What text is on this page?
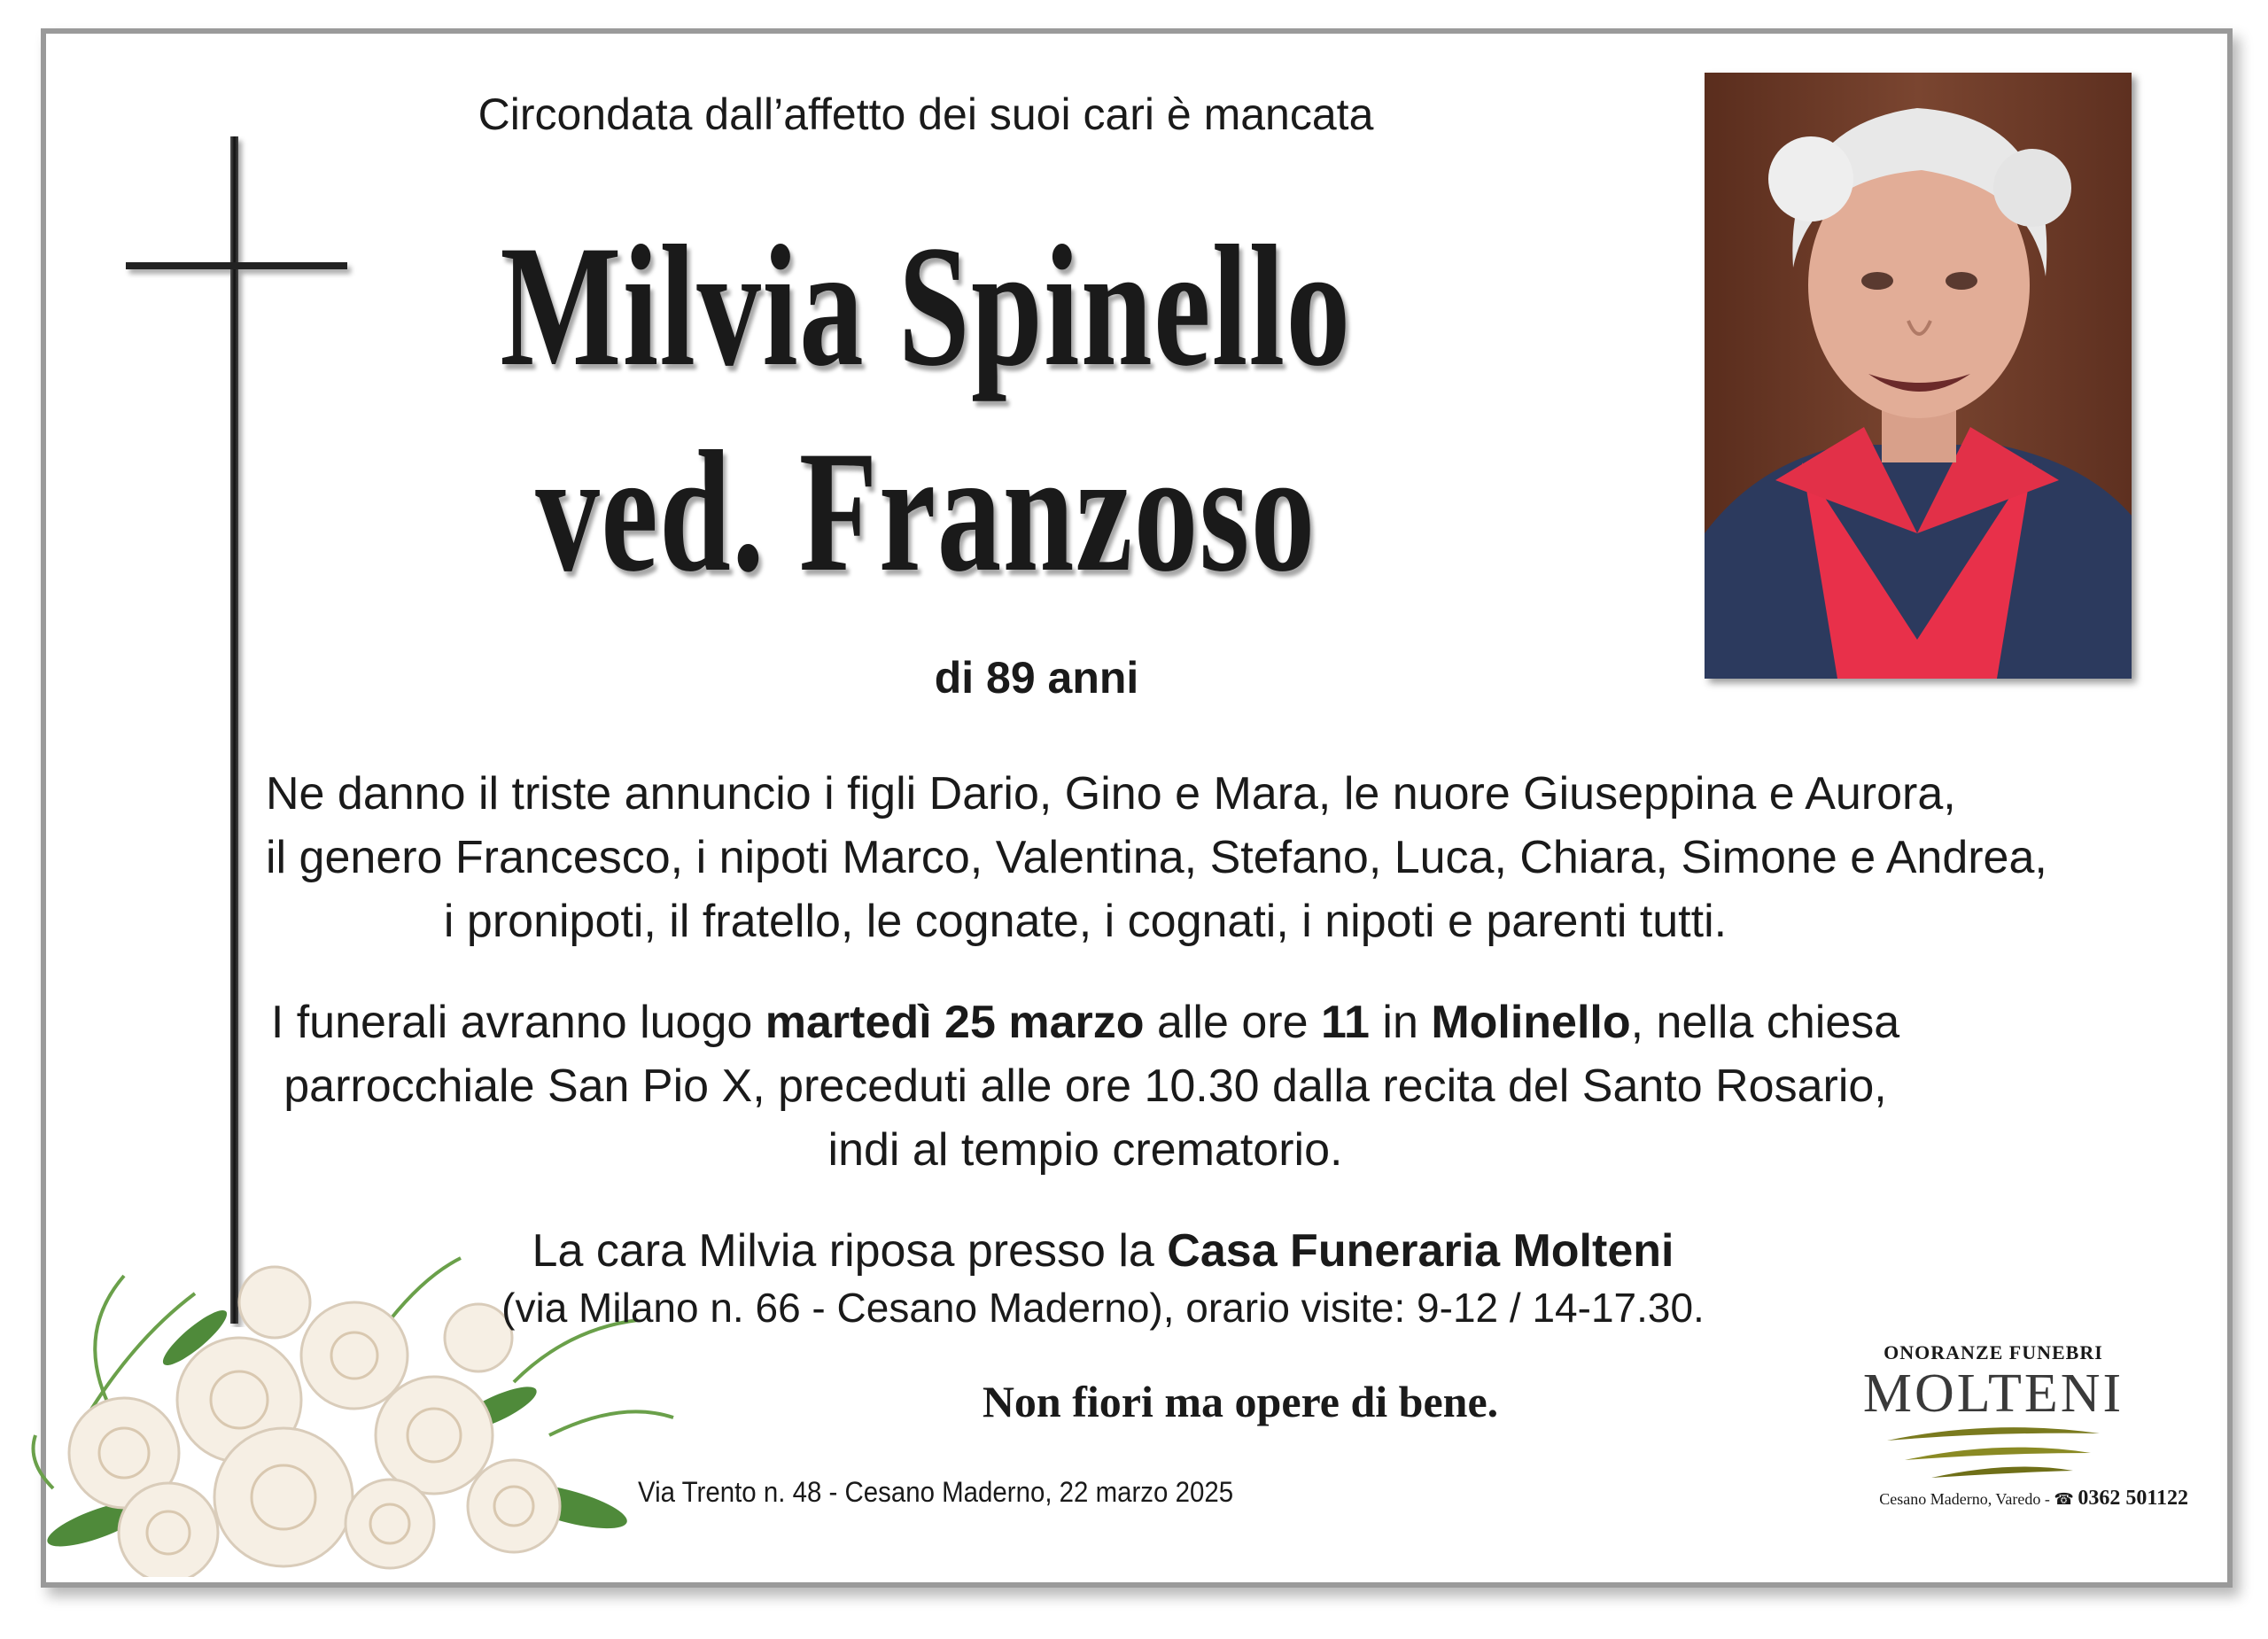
Circondata dall’affetto dei suoi cari è mancata
Milvia Spinello
ved. Franzoso
di 89 anni
Ne danno il triste annuncio i figli Dario, Gino e Mara, le nuore Giuseppina e Aurora,
il genero Francesco, i nipoti Marco, Valentina, Stefano, Luca, Chiara, Simone e Andrea,
i pronipoti, il fratello, le cognate, i cognati, i nipoti e parenti tutti.
I funerali avranno luogo martedì 25 marzo alle ore 11 in Molinello, nella chiesa parrocchiale San Pio X, preceduti alle ore 10.30 dalla recita del Santo Rosario, indi al tempio crematorio.
La cara Milvia riposa presso la Casa Funeraria Molteni
(via Milano n. 66 - Cesano Maderno), orario visite: 9-12 / 14-17.30.
Non fiori ma opere di bene.
Via Trento n. 48 - Cesano Maderno, 22 marzo 2025
ONORANZE FUNEBRI
MOLTENI
Cesano Maderno, Varedo - ☎ 0362 501122
